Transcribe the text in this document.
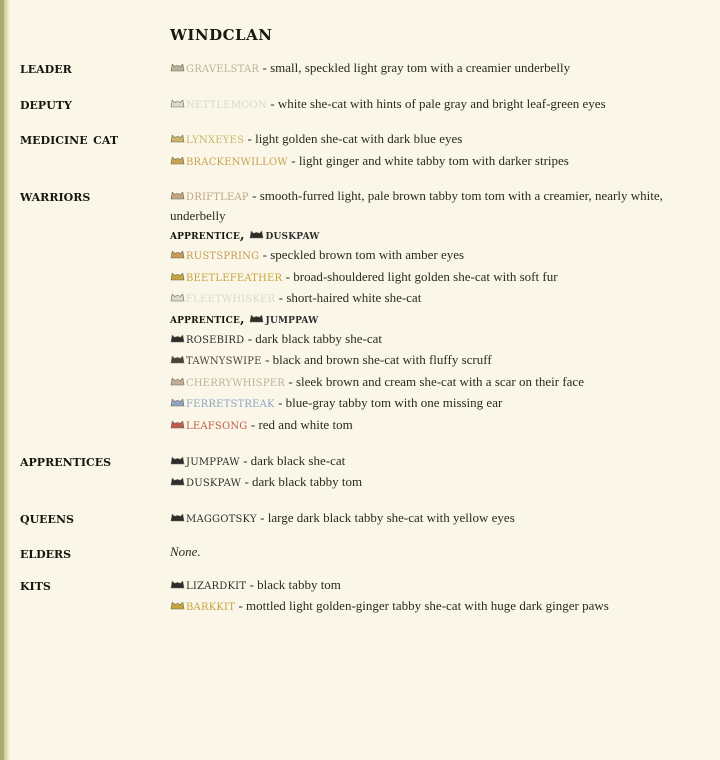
windclan
leader	gravelstar - small, speckled light gray tom with a creamier underbelly
deputy	nettlemoon - white she-cat with hints of pale gray and bright leaf-green eyes
medicine cat	lynxeyes - light golden she-cat with dark blue eyes
brackenwillow - light ginger and white tabby tom with darker stripes
warriors	driftleap - smooth-furred light, pale brown tabby tom tom with a creamier, nearly white, underbelly
apprentice, duskpaw
rustspring - speckled brown tom with amber eyes
beetlefeather - broad-shouldered light golden she-cat with soft fur
fleetwhisker - short-haired white she-cat
apprentice, jumppaw
rosebird - dark black tabby she-cat
tawnyswipe - black and brown she-cat with fluffy scruff
cherrywhisper - sleek brown and cream she-cat with a scar on their face
ferretstreak - blue-gray tabby tom with one missing ear
leafsong - red and white tom
apprentices	jumppaw - dark black she-cat
duskpaw - dark black tabby tom
queens	maggotsky - large dark black tabby she-cat with yellow eyes
elders	None.
kits	lizardkit - black tabby tom
barkkit - mottled light golden-ginger tabby she-cat with huge dark ginger paws
